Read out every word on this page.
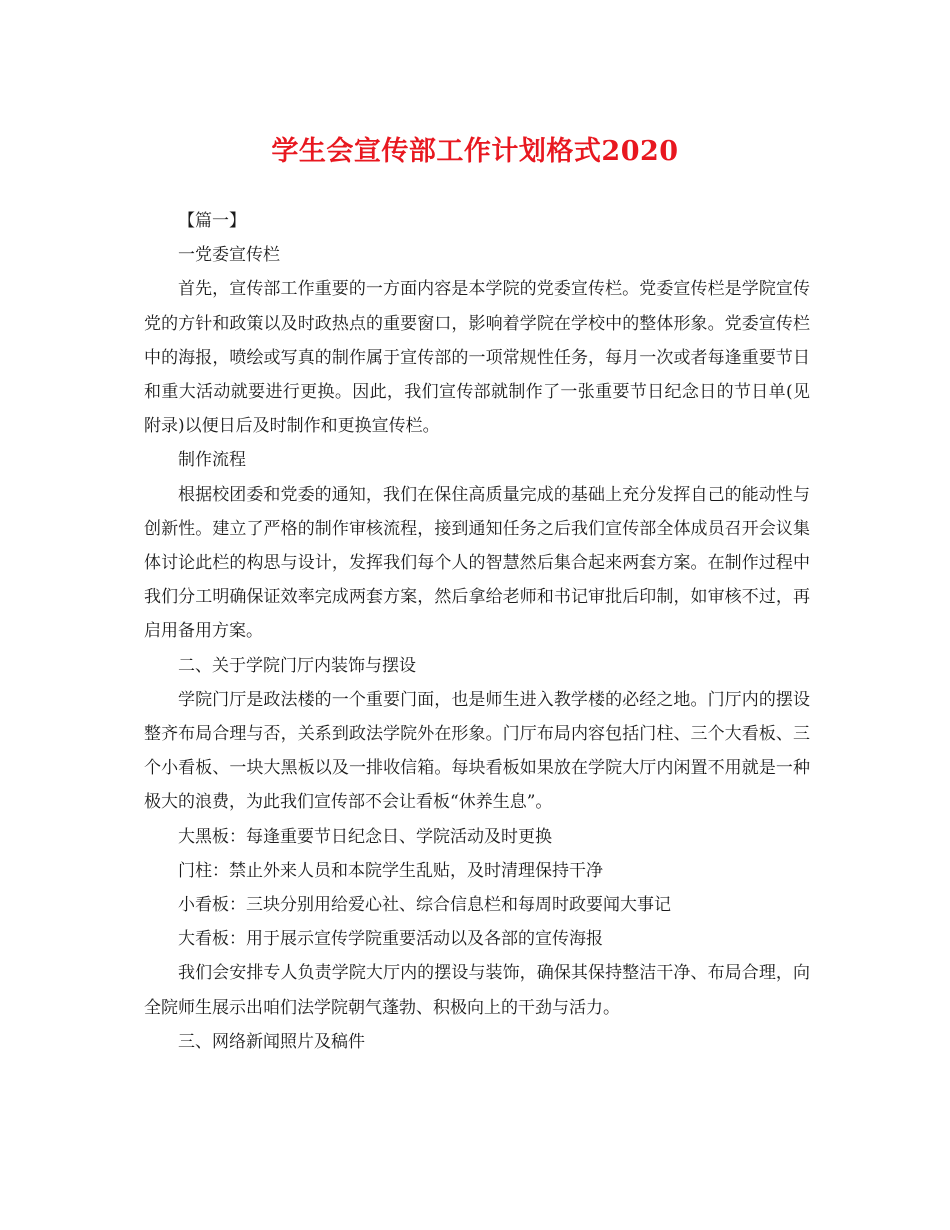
学生会宣传部工作计划格式2020

【篇一】

一党委宣传栏

首先，宣传部工作重要的一方面内容是本学院的党委宣传栏。党委宣传栏是学院宣传党的方针和政策以及时政热点的重要窗口，影响着学院在学校中的整体形象。党委宣传栏中的海报，喷绘或写真的制作属于宣传部的一项常规性任务，每月一次或者每逢重要节日和重大活动就要进行更换。因此，我们宣传部就制作了一张重要节日纪念日的节日单(见附录)以便日后及时制作和更换宣传栏。

制作流程

根据校团委和党委的通知，我们在保住高质量完成的基础上充分发挥自己的能动性与创新性。建立了严格的制作审核流程，接到通知任务之后我们宣传部全体成员召开会议集体讨论此栏的构思与设计，发挥我们每个人的智慧然后集合起来两套方案。在制作过程中我们分工明确保证效率完成两套方案，然后拿给老师和书记审批后印制，如审核不过，再启用备用方案。

二、关于学院门厅内装饰与摆设

学院门厅是政法楼的一个重要门面，也是师生进入教学楼的必经之地。门厅内的摆设整齐布局合理与否，关系到政法学院外在形象。门厅布局内容包括门柱、三个大看板、三个小看板、一块大黑板以及一排收信箱。每块看板如果放在学院大厅内闲置不用就是一种极大的浪费，为此我们宣传部不会让看板“休养生息”。

大黑板：每逢重要节日纪念日、学院活动及时更换

门柱：禁止外来人员和本院学生乱贴，及时清理保持干净

小看板：三块分别用给爱心社、综合信息栏和每周时政要闻大事记

大看板：用于展示宣传学院重要活动以及各部的宣传海报

我们会安排专人负责学院大厅内的摆设与装饰，确保其保持整洁干净、布局合理，向全院师生展示出咱们法学院朝气蓬勃、积极向上的干劲与活力。

三、网络新闻照片及稿件
